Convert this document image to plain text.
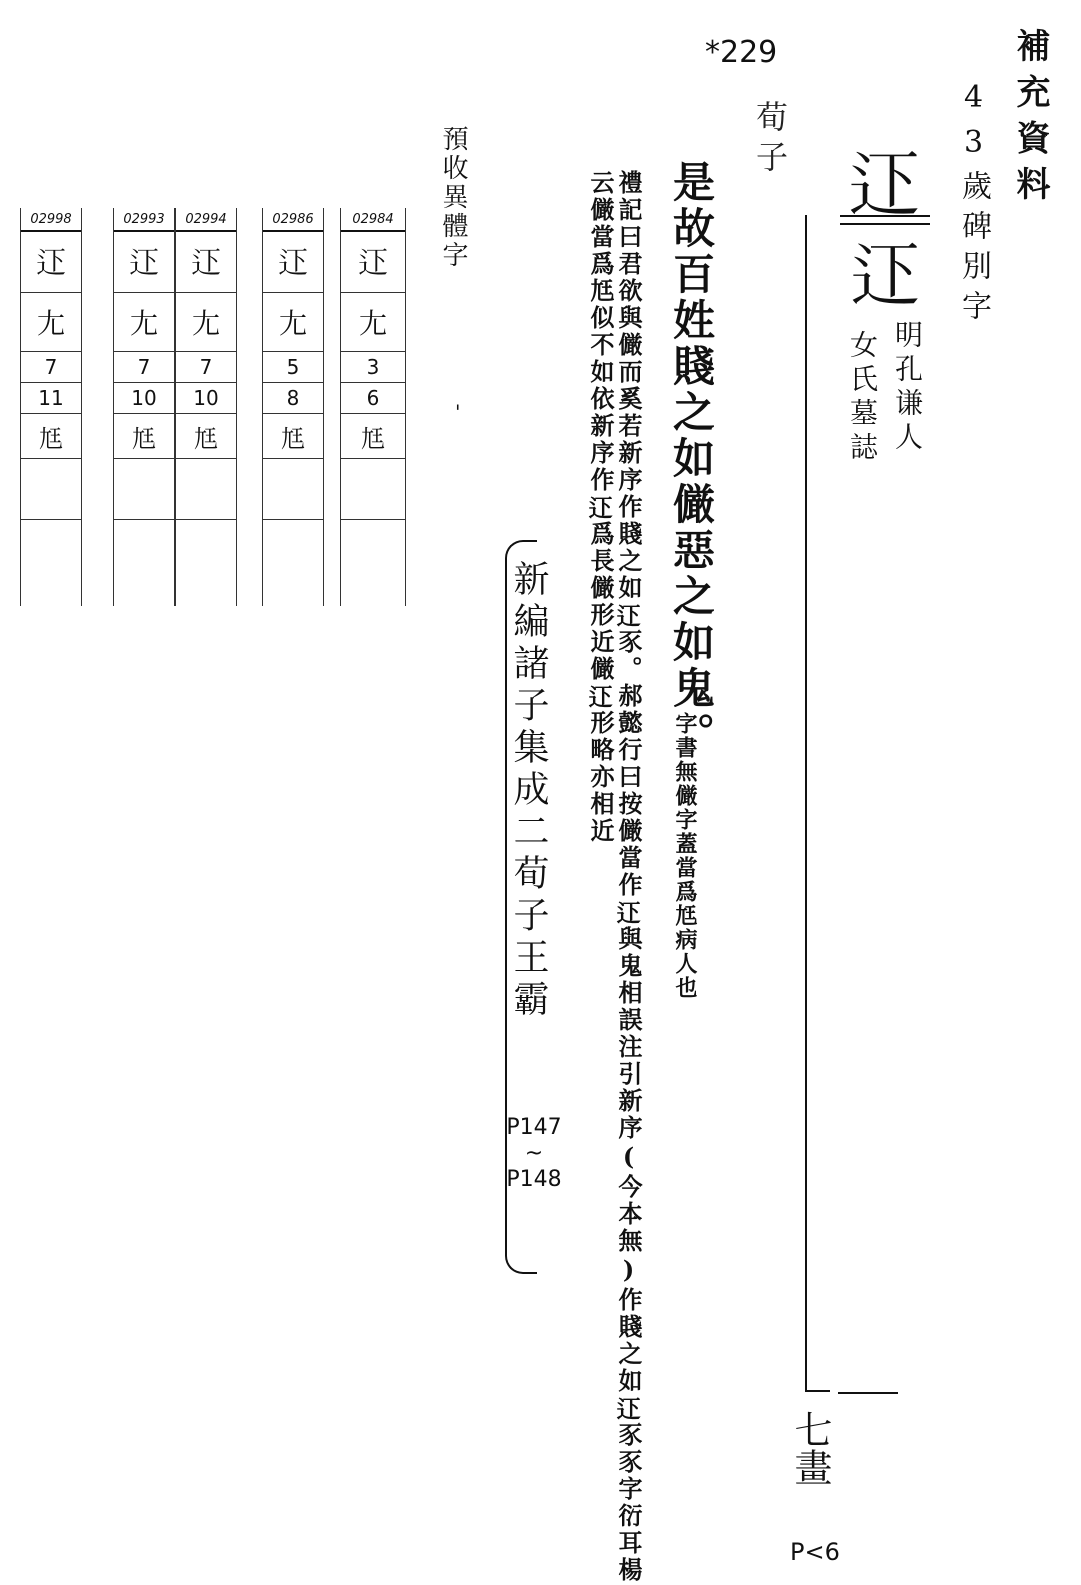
補充資料
43歲碑別字
*229
荀子
𨑜
𨑜
明孔谦人
女氏墓誌
七畫
P<6
是故百姓賤之如𠑊惡之如鬼。
字書無𠑊字蓋當爲尪病人也
禮記曰君欲與𠑊而奚若新序作賤之如𨑜豕。郝懿行曰按𠑊當作𨑜與鬼相誤注引新序(今本無)作賤之如𨑜豕豕字衍耳楊云𠑊當爲尪似不如依新序作𨑜爲長𠑊形近𠑊𨑜形略亦相近
新編諸子集成二荀子王霸
P147 ~ P148
預收異體字
'
02984
𨑜
尢
3
6
尪
02986
𨑜
尢
5
8
尪
02994
𨑜
尢
7
10
尪
02993
𨑜
尢
7
10
尪
02998
𨑜
尢
7
11
尪
